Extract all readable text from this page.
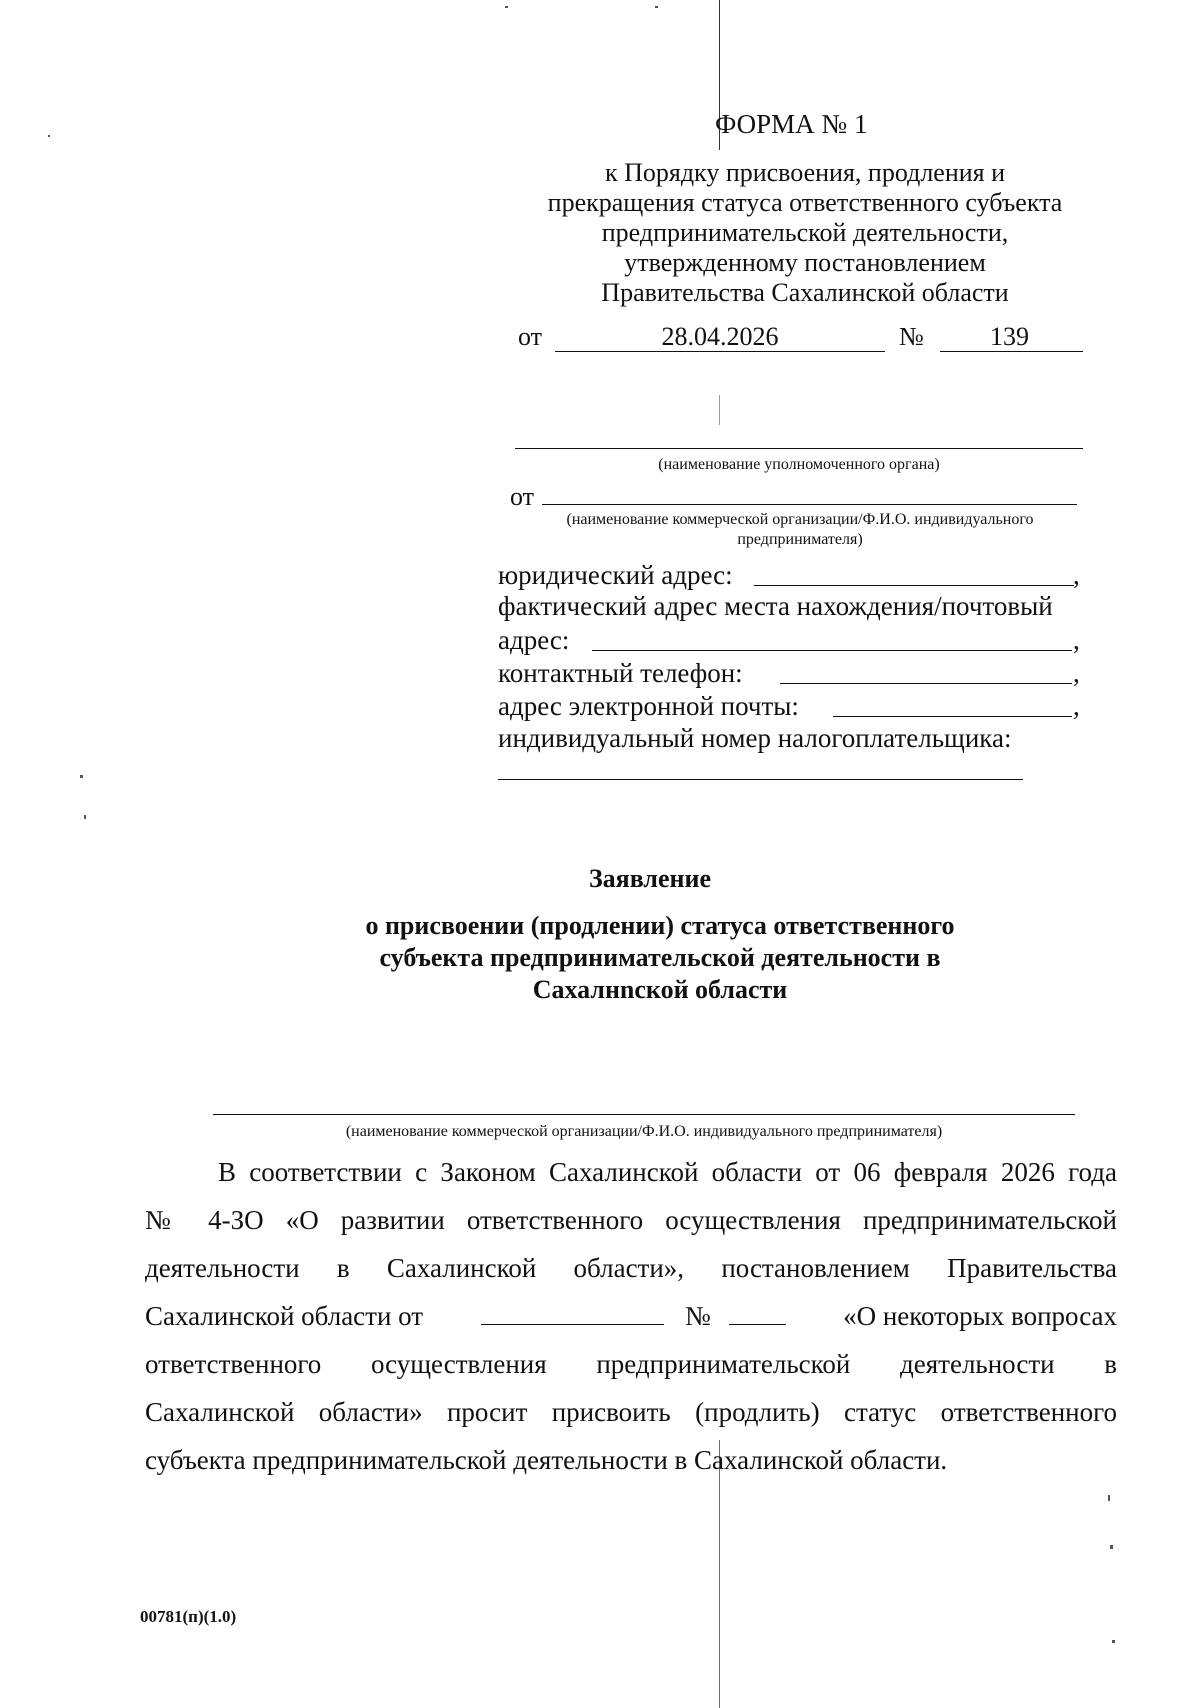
ФОРМА № 1
к Порядку присвоения, продления и
прекращения статуса ответственного субъекта
предпринимательской деятельности,
утвержденному постановлением
Правительства Сахалинской области
от	28.04.2026	№	139
(наименование уполномоченного органа)
от
(наименование коммерческой организации/Ф.И.О. индивидуального
предпринимателя)
юридический адрес:	,
фактический адрес места нахождения/почтовый
адрес:	,
контактный телефон:	,
адрес электронной почты:	,
индивидуальный номер налогоплательщика:
Заявление
о присвоении (продлении) статуса ответственного
субъекта предпринимательской деятельности в
Сахалнnской области
(наименование коммерческой организации/Ф.И.О. индивидуального предпринимателя)
В соответствии с Законом Сахалинской области от 06 февраля 2026 года
№ 4-ЗО «О развитии ответственного осуществления предпринимательской
деятельности в Сахалинской области», постановлением Правительства
Сахалинской области от	№	«О некоторых вопросах
ответственного осуществления предпринимательской деятельности в
Сахалинской области» просит присвоить (продлить) статус ответственного
субъекта предпринимательской деятельности в Сахалинской области.
00781(п)(1.0)
